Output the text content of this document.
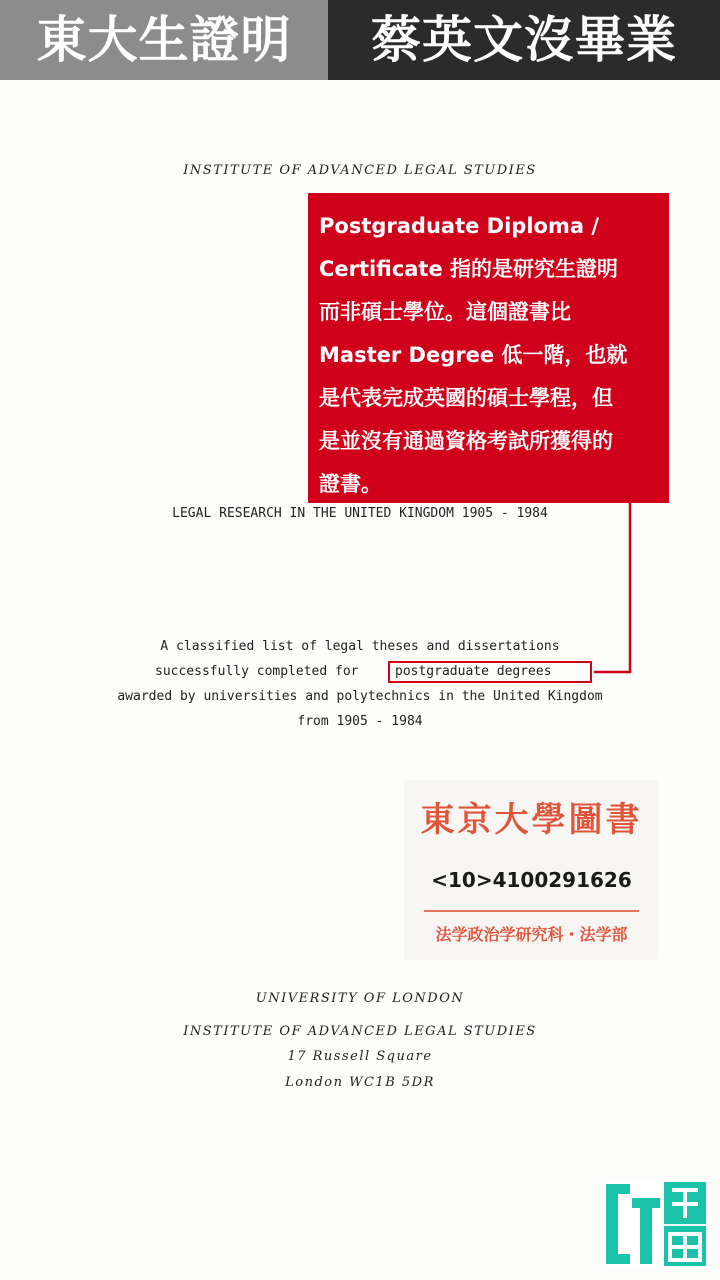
東大生證明	蔡英文沒畢業
INSTITUTE OF ADVANCED LEGAL STUDIES
LEGAL RESEARCH IN THE UNITED KINGDOM 1905 - 1984
A classified list of legal theses and dissertations
successfully completed for	postgraduate degrees
awarded by universities and polytechnics in the United Kingdom
from 1905 - 1984
Postgraduate Diploma /
Certificate 指的是研究生證明
而非碩士學位。這個證書比
Master Degree 低一階，也就
是代表完成英國的碩士學程，但
是並沒有通過資格考試所獲得的
證書。
東京大學圖書
<10>4100291626
法学政治学研究科・法学部
UNIVERSITY OF LONDON
INSTITUTE OF ADVANCED LEGAL STUDIES
17 Russell Square
London WC1B 5DR
